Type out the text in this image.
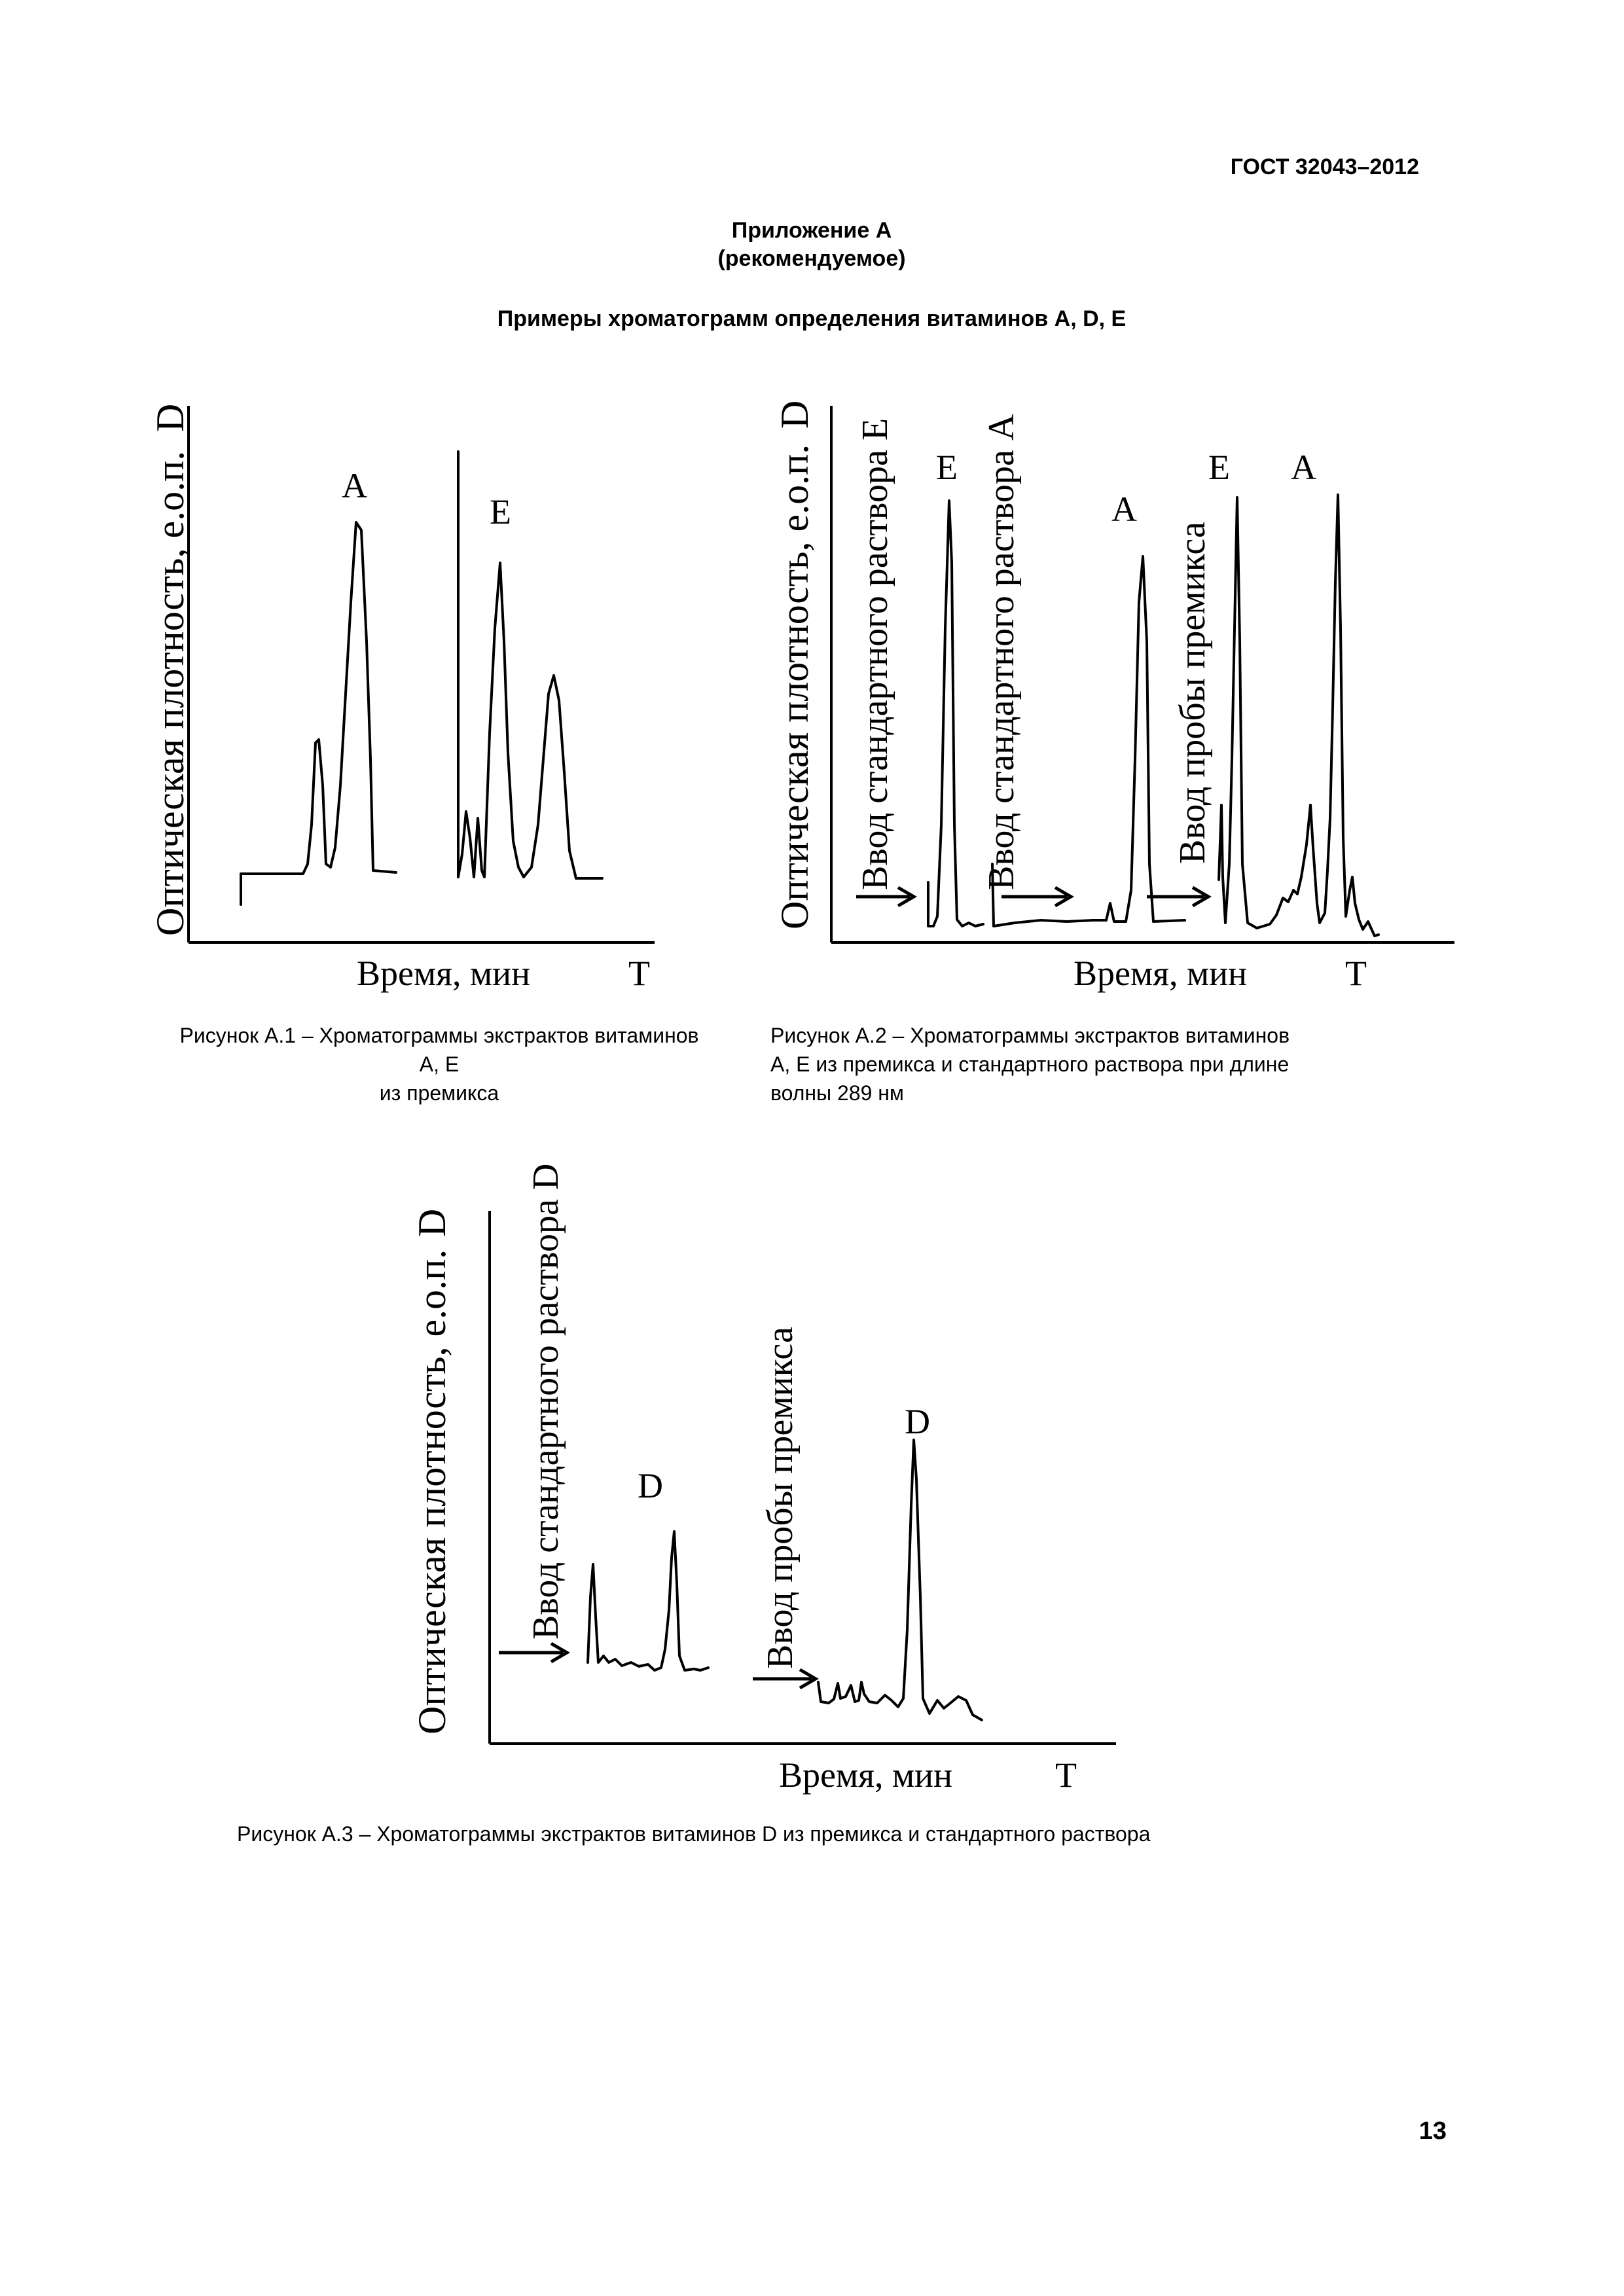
ГОСТ 32043–2012
Приложение А
(рекомендуемое)
Примеры хроматограмм определения витаминов A, D, E
Оптическая плотность, е.о.п.
D
А
Е
Время, мин	T
Оптическая плотность, е.о.п.
D
Ввод стандартного раствора Е Ввод стандартного раствора А	Ввод пробы премикса
Е
А
Е А
Время, мин	T
Рисунок А.1 – Хроматограммы экстрактов витаминов
А, Е
из премикса
Рисунок А.2 – Хроматограммы экстрактов витаминов
А, Е из премикса и стандартного раствора при длине
волны 289 нм
Оптическая плотность, е.о.п.
D Ввод стандартного раствора D	Ввод пробы премикса
D
D
Время, мин	T
Рисунок А.3 – Хроматограммы экстрактов витаминов D из премикса и стандартного раствора
13
